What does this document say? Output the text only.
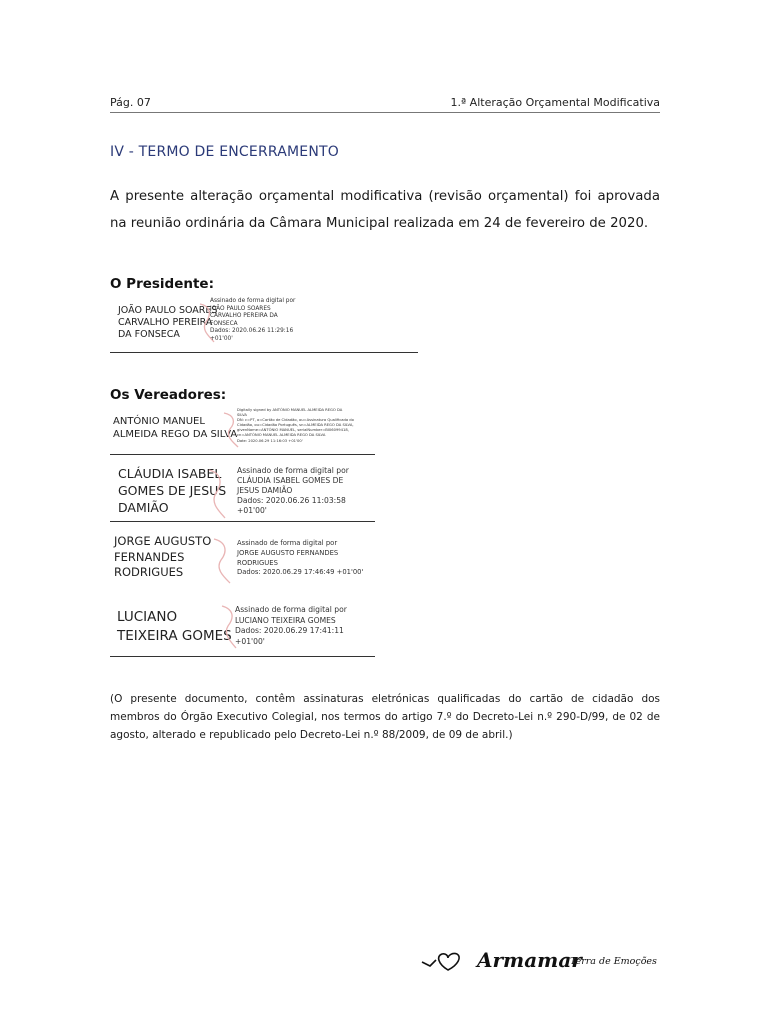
Pág. 07	1.ª Alteração Orçamental Modificativa
IV - TERMO DE ENCERRAMENTO
A presente alteração orçamental modificativa (revisão orçamental) foi aprovada na reunião ordinária da Câmara Municipal realizada em 24 de fevereiro de 2020.
O Presidente:
JOÃO PAULO SOARES
CARVALHO PEREIRA
DA FONSECA
Assinado de forma digital por
JOÃO PAULO SOARES
CARVALHO PEREIRA DA
FONSECA
Dados: 2020.06.26 11:29:16
+01'00'
Os Vereadores:
ANTÓNIO MANUEL
ALMEIDA REGO DA SILVA
Digitally signed by ANTÓNIO MANUEL ALMEIDA REGO DA
SILVA
DN: c=PT, o=Cartão de Cidadão, ou=Assinatura Qualificada do
Cidadão, ou=Cidadão Português, sn=ALMEIDA REGO DA SILVA,
givenName=ANTÓNIO MANUEL, serialNumber=BI06099418,
cn=ANTÓNIO MANUEL ALMEIDA REGO DA SILVA
Date: 2020.06.29 11:16:03 +01'00'
CLÁUDIA ISABEL
GOMES DE JESUS
DAMIÃO
Assinado de forma digital por
CLÁUDIA ISABEL GOMES DE
JESUS DAMIÃO
Dados: 2020.06.26 11:03:58
+01'00'
JORGE AUGUSTO
FERNANDES
RODRIGUES
Assinado de forma digital por
JORGE AUGUSTO FERNANDES
RODRIGUES
Dados: 2020.06.29 17:46:49 +01'00'
LUCIANO
TEIXEIRA GOMES
Assinado de forma digital por
LUCIANO TEIXEIRA GOMES
Dados: 2020.06.29 17:41:11
+01'00'
(O presente documento, contêm assinaturas eletrónicas qualificadas do cartão de cidadão dos membros do Órgão Executivo Colegial, nos termos do artigo 7.º do Decreto-Lei n.º 290-D/99, de 02 de agosto, alterado e republicado pelo Decreto-Lei n.º 88/2009, de 09 de abril.)
Armamar
Terra de Emoções
